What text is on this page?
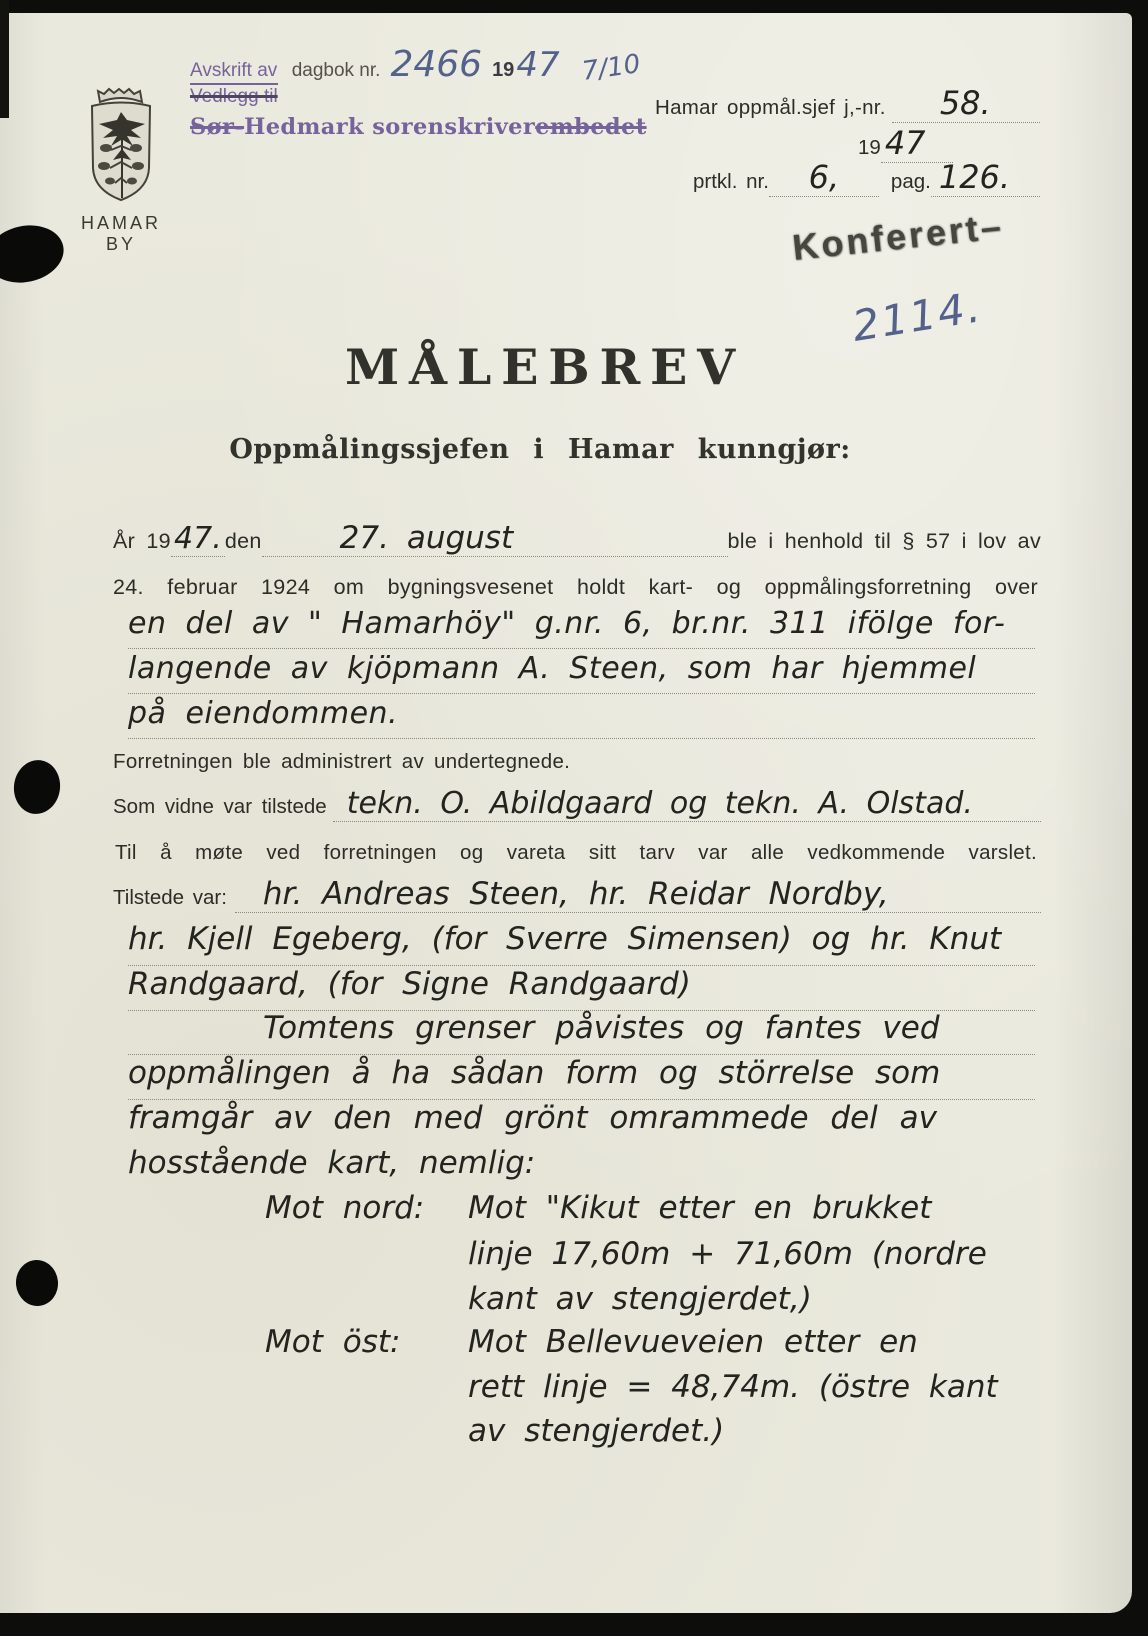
Avskrift av
Vedlegg til
dagbok nr. 2466 19 47 7/10
Sør-Hedmark sorenskriverembedet
HAMAR BY
Hamar oppmål.sjef j,-nr.	58.
19 47
prtkl. nr.	6,	pag. 126.
Konferert–
2114.
MÅLEBREV
Oppmålingssjefen i Hamar kunngjør:
År 19 47. den	27. august	ble i henhold til § 57 i lov av
24. februar 1924 om bygningsvesenet holdt kart- og oppmålingsforretning over
en del av " Hamarhöy" g.nr. 6, br.nr. 311 ifölge for-
langende av kjöpmann A. Steen, som har hjemmel
på eiendommen.
Forretningen ble administrert av undertegnede.
Som vidne var tilstede tekn. O. Abildgaard og tekn. A. Olstad.
Til å møte ved forretningen og vareta sitt tarv var alle vedkommende varslet.
Tilstede var:	hr. Andreas Steen, hr. Reidar Nordby,
hr. Kjell Egeberg, (for Sverre Simensen) og hr. Knut
Randgaard, (for Signe Randgaard)
Tomtens grenser påvistes og fantes ved
oppmålingen å ha sådan form og störrelse som
framgår av den med grönt omrammede del av
hosstående kart, nemlig:
Mot nord: Mot "Kikut etter en brukket
linje 17,60m + 71,60m (nordre
kant av stengjerdet,)
Mot öst: Mot Bellevueveien etter en
rett linje = 48,74m. (östre kant
av stengjerdet.)
